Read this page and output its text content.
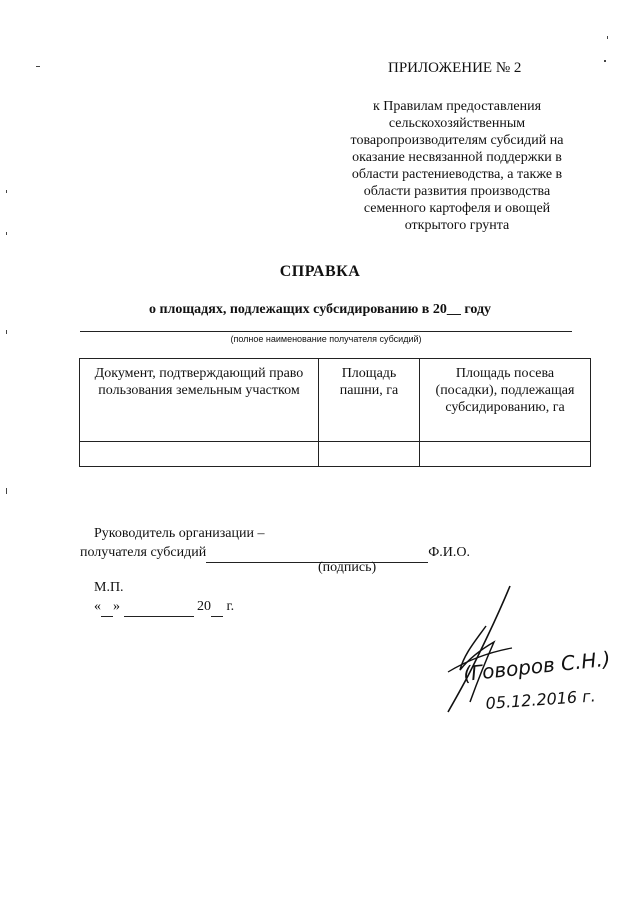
ПРИЛОЖЕНИЕ № 2
к Правилам предоставления
сельскохозяйственным
товаропроизводителям субсидий на
оказание несвязанной поддержки в
области растениеводства, а также в
области развития производства
семенного картофеля и овощей
открытого грунта
СПРАВКА
о площадях, подлежащих субсидированию в 20__ году
(полное наименование получателя субсидий)
Документ, подтверждающий право пользования земельным участком	Площадь пашни, га	Площадь посева (посадки), подлежащая субсидированию, га

Руководитель организации –
получателя субсидий	Ф.И.О.
(подпись)
М.П.
« »	20 г.
(Говоров С.Н.)
05.12.2016 г.
